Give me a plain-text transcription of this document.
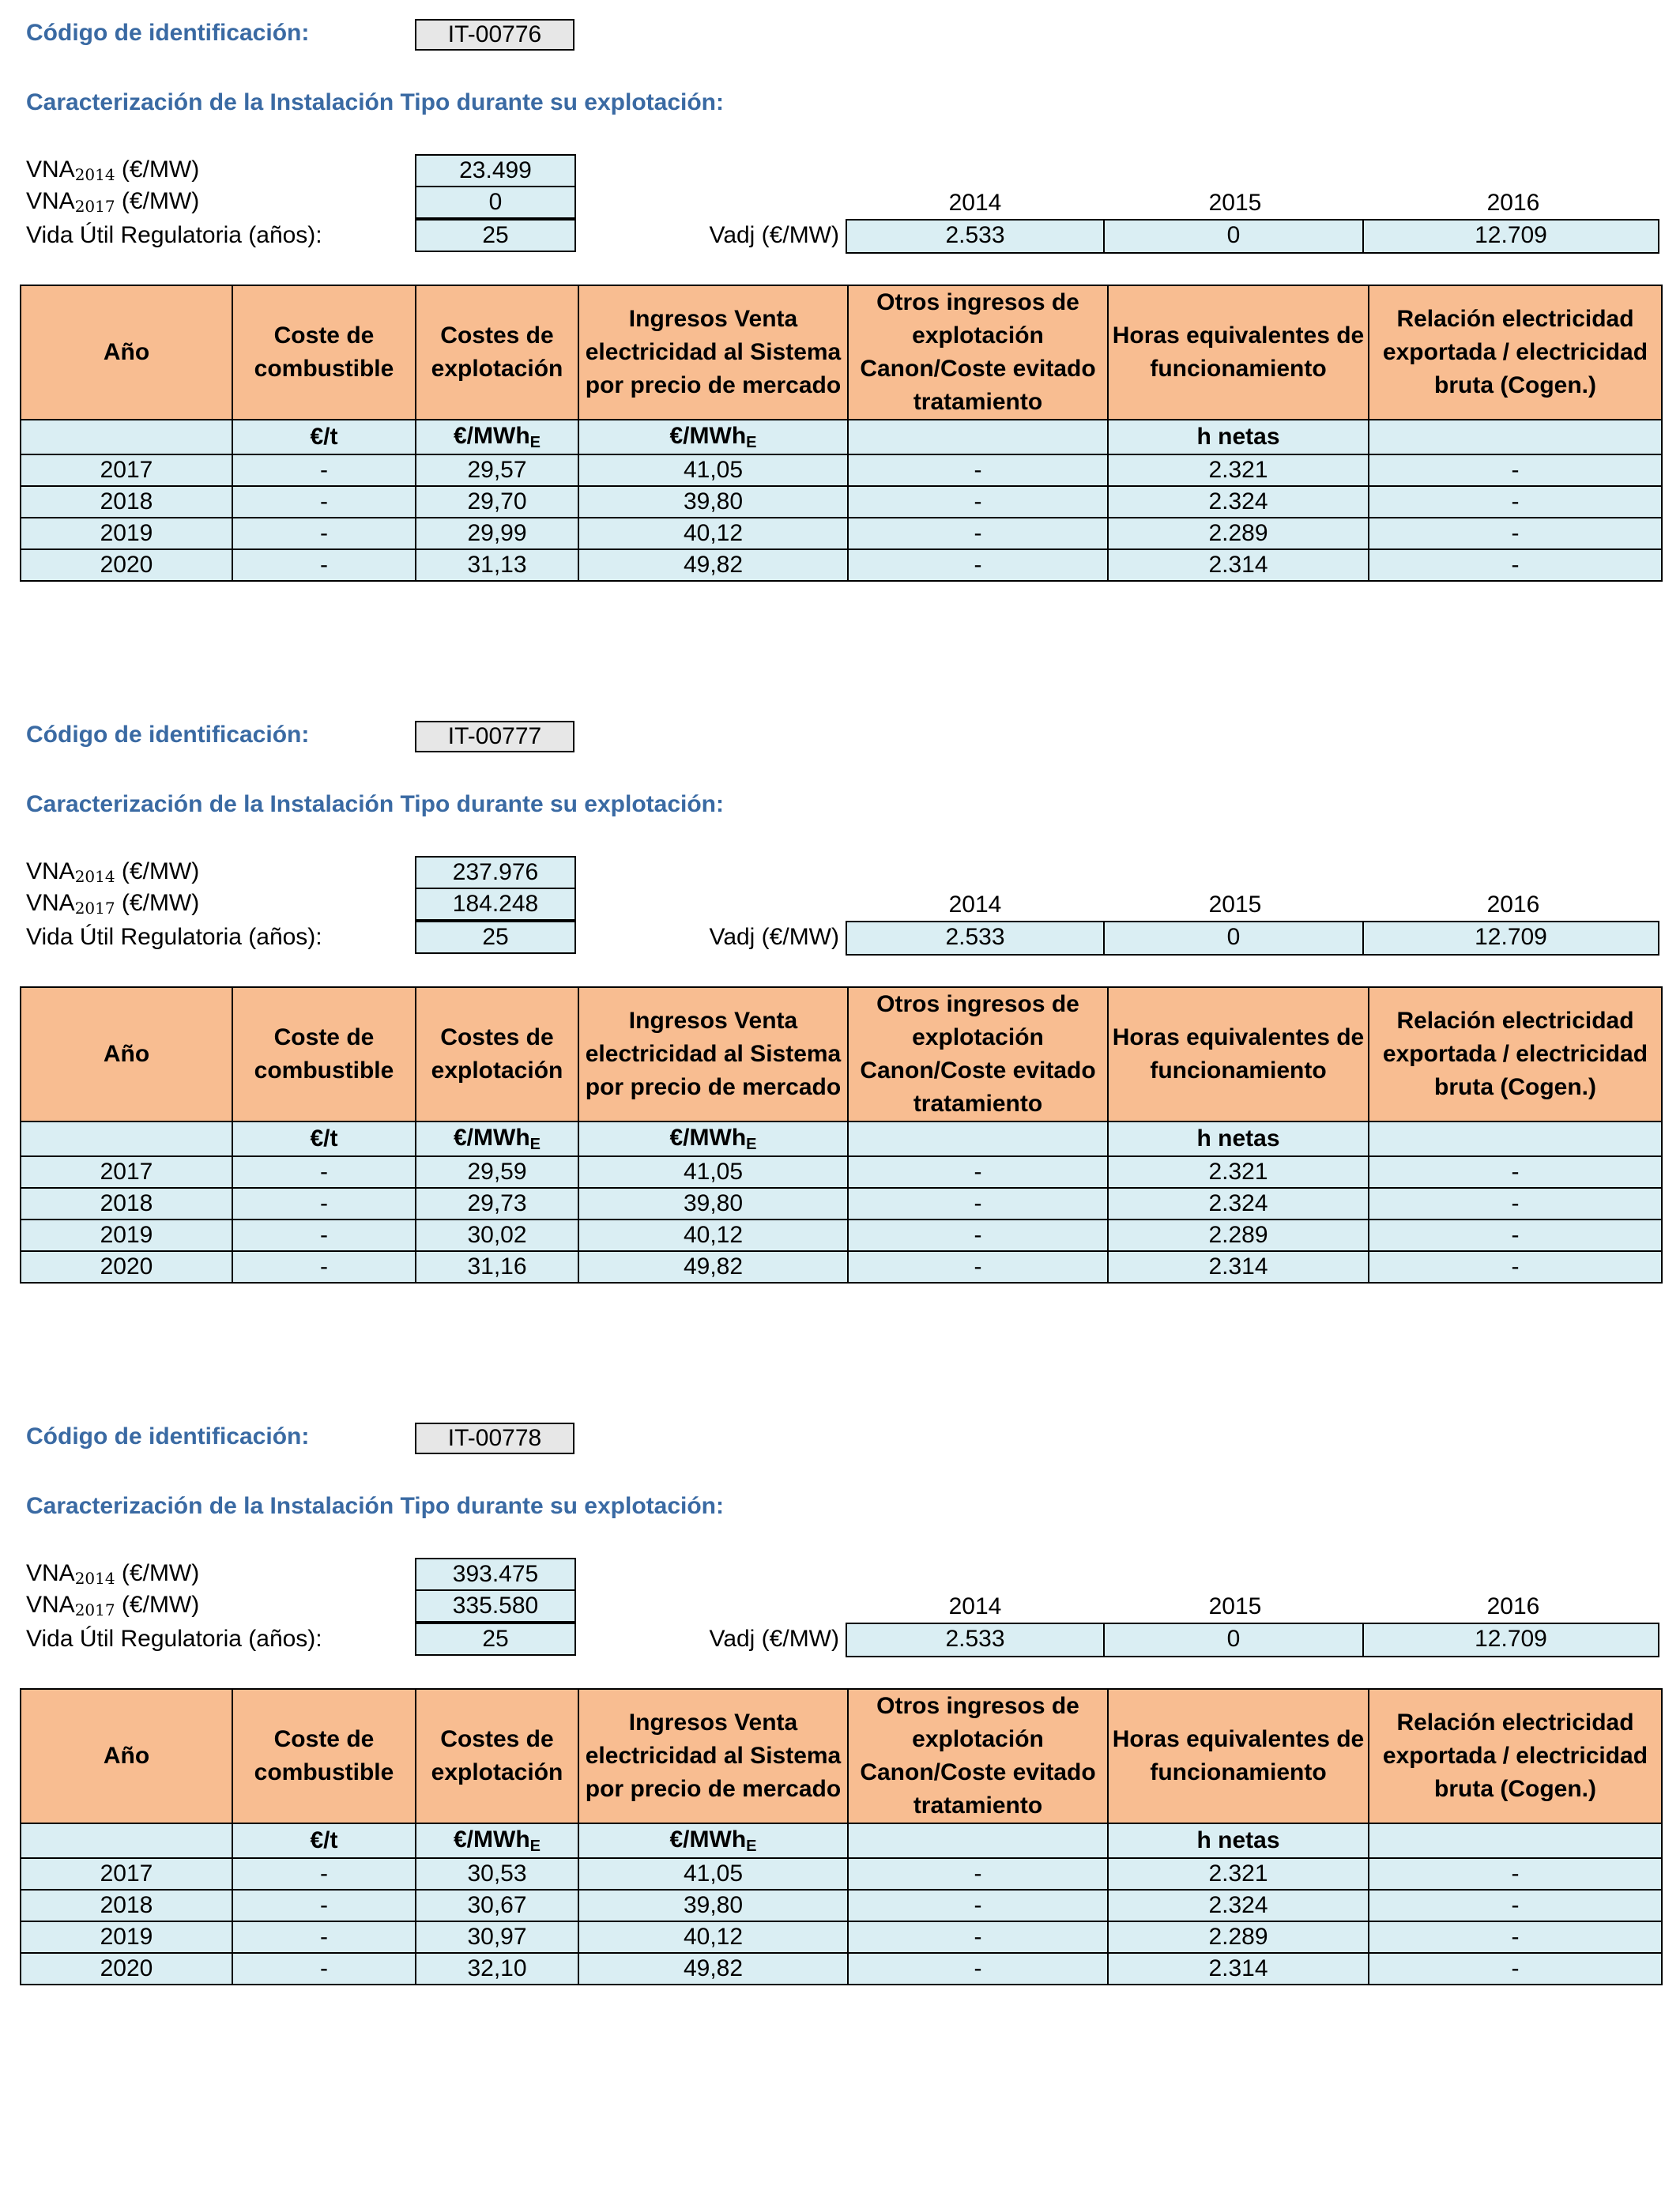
Código de identificación:	IT-00776
Caracterización de la Instalación Tipo durante su explotación:
$VNA_{2014}$ (€/MW)	23.499
$VNA_{2017}$ (€/MW)	0
Vida Útil Regulatoria (años):	25
2014	2015	2016
Vadj (€/MW)	2.533	0	12.709
Año	Coste de combustible	Costes de explotación	Ingresos Venta electricidad al Sistema por precio de mercado	Otros ingresos de explotación Canon/Coste evitado tratamiento	Horas equivalentes de funcionamiento	Relación electricidad exportada / electricidad bruta (Cogen.)
	€/t	€/MWh$_E$	€/MWh$_E$		h netas	
2017	-	29,57	41,05	-	2.321	-
2018	-	29,70	39,80	-	2.324	-
2019	-	29,99	40,12	-	2.289	-
2020	-	31,13	49,82	-	2.314	-
Código de identificación:	IT-00777
Caracterización de la Instalación Tipo durante su explotación:
$VNA_{2014}$ (€/MW)	237.976
$VNA_{2017}$ (€/MW)	184.248
Vida Útil Regulatoria (años):	25
2014	2015	2016
Vadj (€/MW)	2.533	0	12.709
Año	Coste de combustible	Costes de explotación	Ingresos Venta electricidad al Sistema por precio de mercado	Otros ingresos de explotación Canon/Coste evitado tratamiento	Horas equivalentes de funcionamiento	Relación electricidad exportada / electricidad bruta (Cogen.)
	€/t	€/MWh$_E$	€/MWh$_E$		h netas	
2017	-	29,59	41,05	-	2.321	-
2018	-	29,73	39,80	-	2.324	-
2019	-	30,02	40,12	-	2.289	-
2020	-	31,16	49,82	-	2.314	-
Código de identificación:	IT-00778
Caracterización de la Instalación Tipo durante su explotación:
$VNA_{2014}$ (€/MW)	393.475
$VNA_{2017}$ (€/MW)	335.580
Vida Útil Regulatoria (años):	25
2014	2015	2016
Vadj (€/MW)	2.533	0	12.709
Año	Coste de combustible	Costes de explotación	Ingresos Venta electricidad al Sistema por precio de mercado	Otros ingresos de explotación Canon/Coste evitado tratamiento	Horas equivalentes de funcionamiento	Relación electricidad exportada / electricidad bruta (Cogen.)
	€/t	€/MWh$_E$	€/MWh$_E$		h netas	
2017	-	30,53	41,05	-	2.321	-
2018	-	30,67	39,80	-	2.324	-
2019	-	30,97	40,12	-	2.289	-
2020	-	32,10	49,82	-	2.314	-
